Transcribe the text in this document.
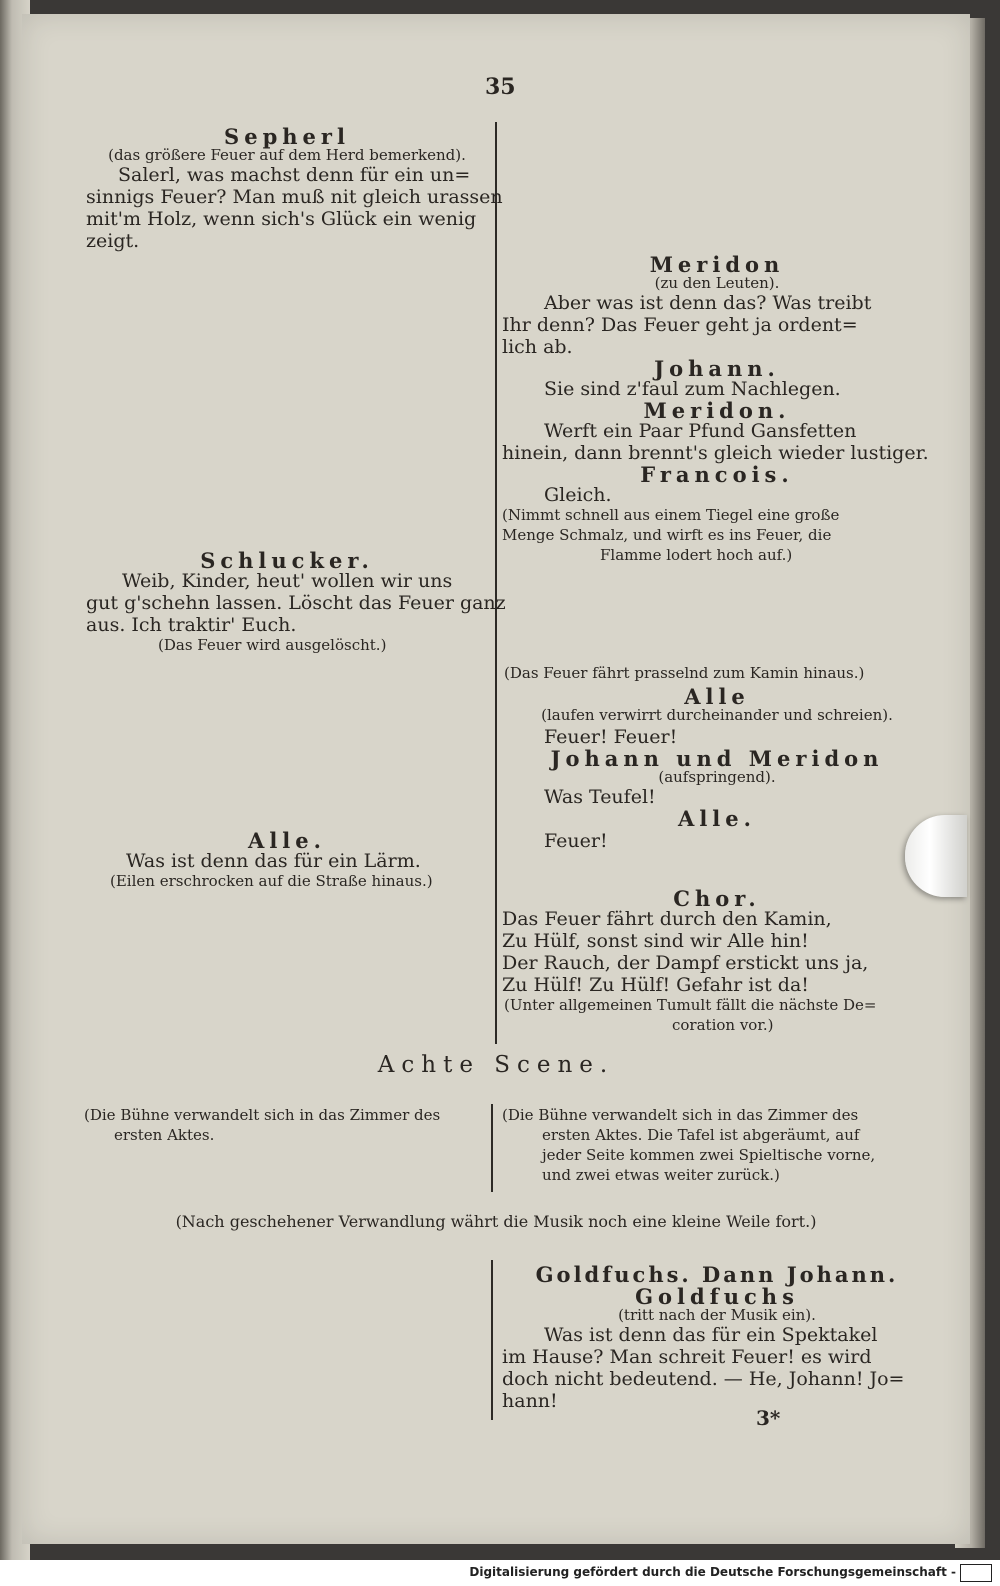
35
Sepherl
(das größere Feuer auf dem Herd bemerkend).
Salerl, was machst denn für ein un=
sinnigs Feuer? Man muß nit gleich urassen
mit'm Holz, wenn sich's Glück ein wenig
zeigt.
Schlucker.
Weib, Kinder, heut' wollen wir uns
gut g'schehn lassen. Löscht das Feuer ganz
aus. Ich traktir' Euch.
(Das Feuer wird ausgelöscht.)
Alle.
Was ist denn das für ein Lärm.
(Eilen erschrocken auf die Straße hinaus.)
Meridon
(zu den Leuten).
Aber was ist denn das? Was treibt
Ihr denn? Das Feuer geht ja ordent=
lich ab.
Johann.
Sie sind z'faul zum Nachlegen.
Meridon.
Werft ein Paar Pfund Gansfetten
hinein, dann brennt's gleich wieder lustiger.
Francois.
Gleich.
(Nimmt schnell aus einem Tiegel eine große
Menge Schmalz, und wirft es ins Feuer, die
Flamme lodert hoch auf.)
(Das Feuer fährt prasselnd zum Kamin hinaus.)
Alle
(laufen verwirrt durcheinander und schreien).
Feuer! Feuer!
Johann und Meridon
(aufspringend).
Was Teufel!
Alle.
Feuer!
Chor.
Das Feuer fährt durch den Kamin,
Zu Hülf, sonst sind wir Alle hin!
Der Rauch, der Dampf erstickt uns ja,
Zu Hülf! Zu Hülf! Gefahr ist da!
(Unter allgemeinen Tumult fällt die nächste De=
coration vor.)
Achte Scene.
(Die Bühne verwandelt sich in das Zimmer des
ersten Aktes.
(Die Bühne verwandelt sich in das Zimmer des
ersten Aktes. Die Tafel ist abgeräumt, auf
jeder Seite kommen zwei Spieltische vorne,
und zwei etwas weiter zurück.)
(Nach geschehener Verwandlung währt die Musik noch eine kleine Weile fort.)
Goldfuchs. Dann Johann.
Goldfuchs
(tritt nach der Musik ein).
Was ist denn das für ein Spektakel
im Hause? Man schreit Feuer! es wird
doch nicht bedeutend. — He, Johann! Jo=
hann!
3*
Digitalisierung gefördert durch die Deutsche Forschungsgemeinschaft -
